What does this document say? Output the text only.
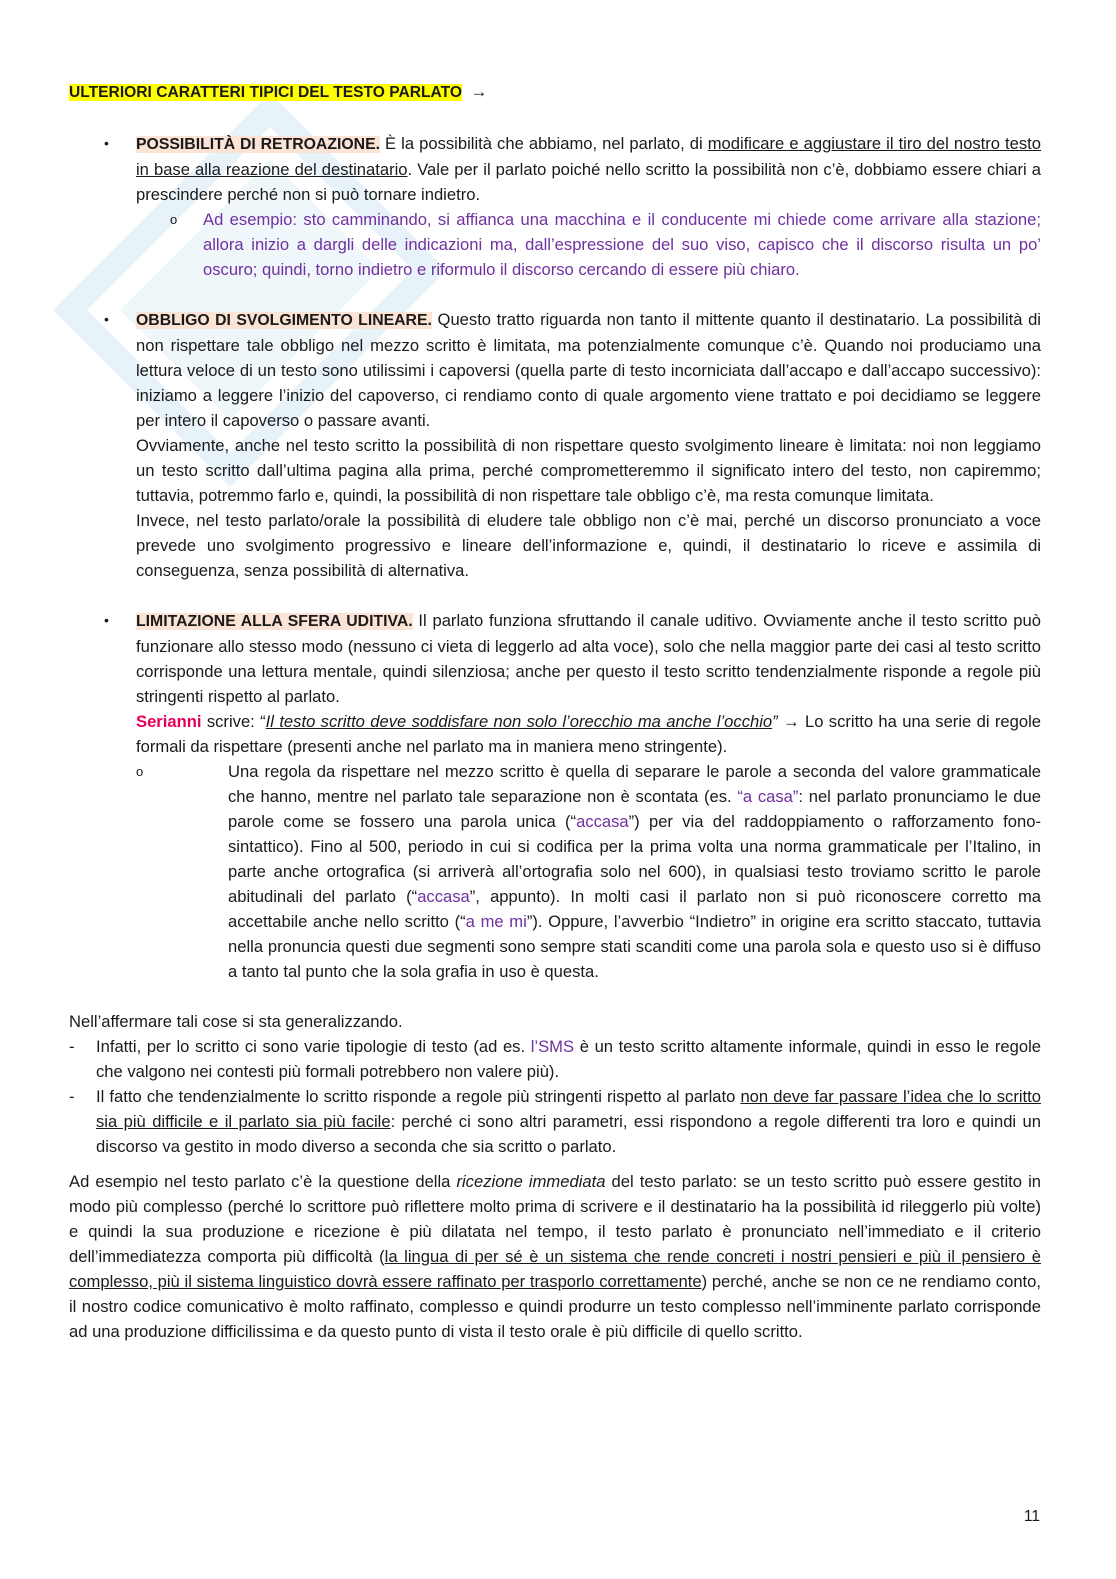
ULTERIORI CARATTERI TIPICI DEL TESTO PARLATO →
• POSSIBILITÀ DI RETROAZIONE. È la possibilità che abbiamo, nel parlato, di modificare e aggiustare il tiro del nostro testo in base alla reazione del destinatario. Vale per il parlato poiché nello scritto la possibilità non c’è, dobbiamo essere chiari a prescindere perché non si può tornare indietro.

o Ad esempio: sto camminando, si affianca una macchina e il conducente mi chiede come arrivare alla stazione; allora inizio a dargli delle indicazioni ma, dall’espressione del suo viso, capisco che il discorso risulta un po’ oscuro; quindi, torno indietro e riformulo il discorso cercando di essere più chiaro.

• OBBLIGO DI SVOLGIMENTO LINEARE. Questo tratto riguarda non tanto il mittente quanto il destinatario. La possibilità di non rispettare tale obbligo nel mezzo scritto è limitata, ma potenzialmente comunque c’è. Quando noi produciamo una lettura veloce di un testo sono utilissimi i capoversi (quella parte di testo incorniciata dall’accapo e dall’accapo successivo): iniziamo a leggere l’inizio del capoverso, ci rendiamo conto di quale argomento viene trattato e poi decidiamo se leggere per intero il capoverso o passare avanti.

Ovviamente, anche nel testo scritto la possibilità di non rispettare questo svolgimento lineare è limitata: noi non leggiamo un testo scritto dall’ultima pagina alla prima, perché comprometteremmo il significato intero del testo, non capiremmo; tuttavia, potremmo farlo e, quindi, la possibilità di non rispettare tale obbligo c’è, ma resta comunque limitata.

Invece, nel testo parlato/orale la possibilità di eludere tale obbligo non c’è mai, perché un discorso pronunciato a voce prevede uno svolgimento progressivo e lineare dell’informazione e, quindi, il destinatario lo riceve e assimila di conseguenza, senza possibilità di alternativa.

• LIMITAZIONE ALLA SFERA UDITIVA. Il parlato funziona sfruttando il canale uditivo. Ovviamente anche il testo scritto può funzionare allo stesso modo (nessuno ci vieta di leggerlo ad alta voce), solo che nella maggior parte dei casi al testo scritto corrisponde una lettura mentale, quindi silenziosa; anche per questo il testo scritto tendenzialmente risponde a regole più stringenti rispetto al parlato.

Serianni scrive: “Il testo scritto deve soddisfare non solo l’orecchio ma anche l’occhio” → Lo scritto ha una serie di regole formali da rispettare (presenti anche nel parlato ma in maniera meno stringente).

o	Una regola da rispettare nel mezzo scritto è quella di separare le parole a seconda del valore grammaticale che hanno, mentre nel parlato tale separazione non è scontata (es. “a casa”: nel parlato pronunciamo le due parole come se fossero una parola unica (“accasa”) per via del raddoppiamento o rafforzamento fono-sintattico). Fino al 500, periodo in cui si codifica per la prima volta una norma grammaticale per l’Italino, in parte anche ortografica (si arriverà all’ortografia solo nel 600), in qualsiasi testo troviamo scritto le parole abitudinali del parlato (“accasa”, appunto). In molti casi il parlato non si può riconoscere corretto ma accettabile anche nello scritto (“a me mi”). Oppure, l’avverbio “Indietro” in origine era scritto staccato, tuttavia nella pronuncia questi due segmenti sono sempre stati scanditi come una parola sola e questo uso si è diffuso a tanto tal punto che la sola grafia in uso è questa.

Nell’affermare tali cose si sta generalizzando.

- Infatti, per lo scritto ci sono varie tipologie di testo (ad es. l’SMS è un testo scritto altamente informale, quindi in esso le regole che valgono nei contesti più formali potrebbero non valere più).

- Il fatto che tendenzialmente lo scritto risponde a regole più stringenti rispetto al parlato non deve far passare l’idea che lo scritto sia più difficile e il parlato sia più facile: perché ci sono altri parametri, essi rispondono a regole differenti tra loro e quindi un discorso va gestito in modo diverso a seconda che sia scritto o parlato.

Ad esempio nel testo parlato c’è la questione della ricezione immediata del testo parlato: se un testo scritto può essere gestito in modo più complesso (perché lo scrittore può riflettere molto prima di scrivere e il destinatario ha la possibilità id rileggerlo più volte) e quindi la sua produzione e ricezione è più dilatata nel tempo, il testo parlato è pronunciato nell’immediato e il criterio dell’immediatezza comporta più difficoltà (la lingua di per sé è un sistema che rende concreti i nostri pensieri e più il pensiero è complesso, più il sistema linguistico dovrà essere raffinato per trasporlo correttamente) perché, anche se non ce ne rendiamo conto, il nostro codice comunicativo è molto raffinato, complesso e quindi produrre un testo complesso nell’imminente parlato corrisponde ad una produzione difficilissima e da questo punto di vista il testo orale è più difficile di quello scritto.

11
